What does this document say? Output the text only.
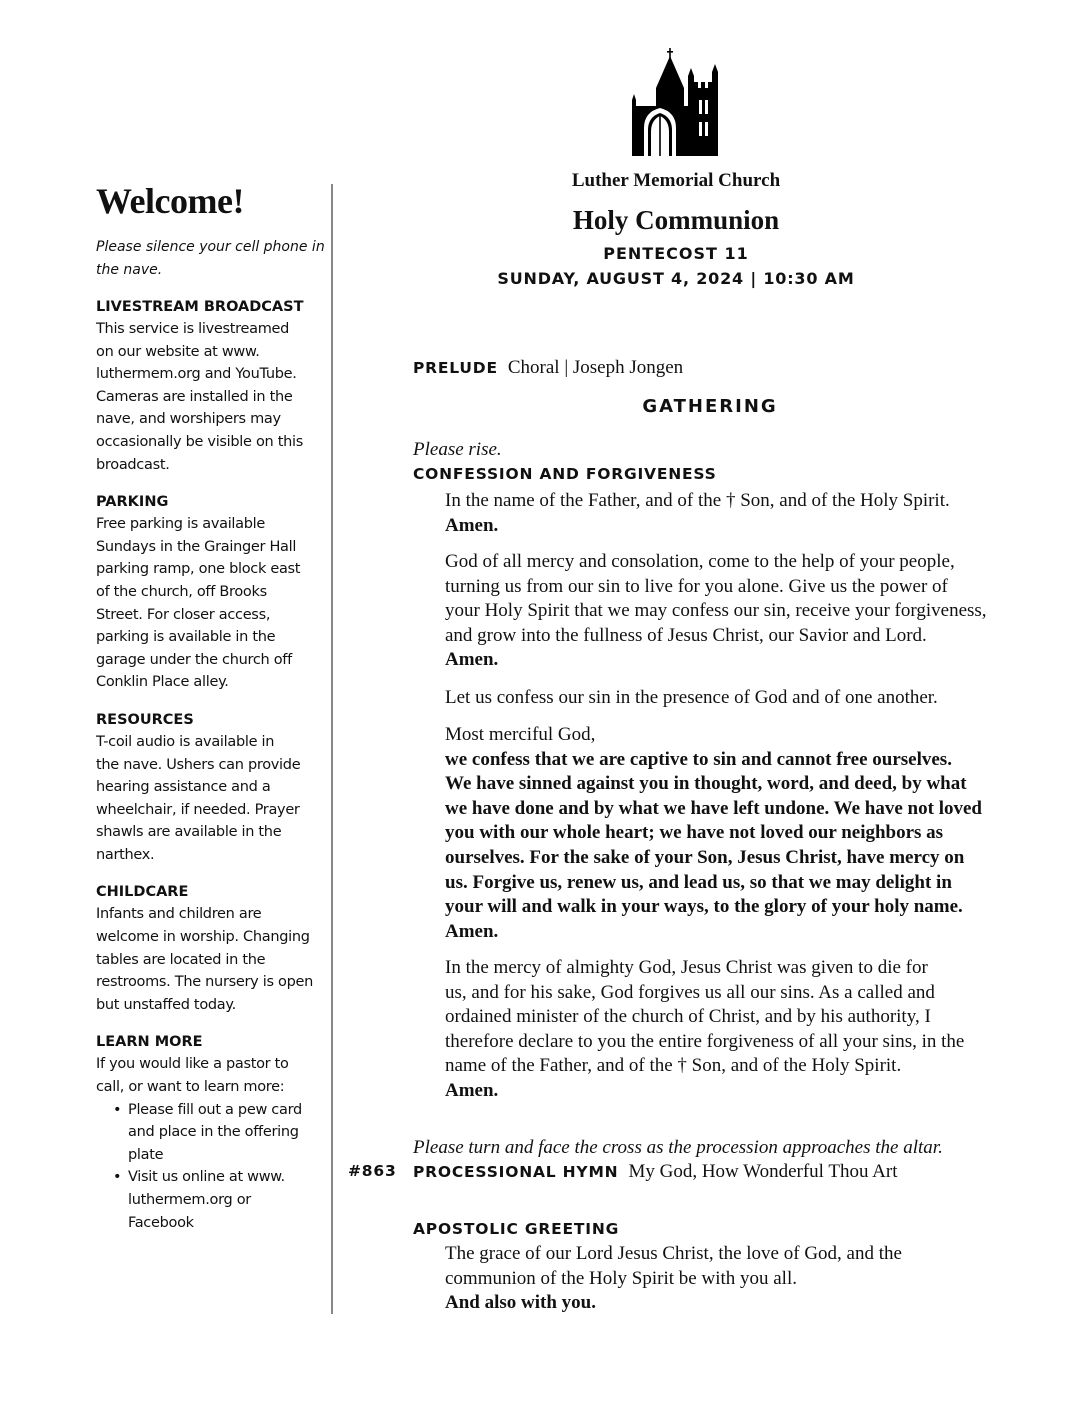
Welcome!

Please silence your cell phone in
the nave.

LIVESTREAM BROADCAST

This service is livestreamed
on our website at www.
luthermem.org and YouTube.
Cameras are installed in the
nave, and worshipers may
occasionally be visible on this
broadcast.

PARKING

Free parking is available
Sundays in the Grainger Hall
parking ramp, one block east
of the church, off Brooks
Street. For closer access,
parking is available in the
garage under the church off
Conklin Place alley.

RESOURCES

T-coil audio is available in
the nave. Ushers can provide
hearing assistance and a
wheelchair, if needed. Prayer
shawls are available in the
narthex.

CHILDCARE

Infants and children are
welcome in worship. Changing
tables are located in the
restrooms. The nursery is open
but unstaffed today.

LEARN MORE

If you would like a pastor to
call, or want to learn more:

• Please fill out a pew card
and place in the offering
plate
• Visit us online at www.
luthermem.org or
Facebook
Luther Memorial Church
Holy Communion
PENTECOST 11
SUNDAY, AUGUST 4, 2024 | 10:30 AM
PRELUDE Choral | Joseph Jongen
GATHERING
Please rise.
CONFESSION AND FORGIVENESS
In the name of the Father, and of the † Son, and of the Holy Spirit.
Amen.
God of all mercy and consolation, come to the help of your people,
turning us from our sin to live for you alone. Give us the power of
your Holy Spirit that we may confess our sin, receive your forgiveness,
and grow into the fullness of Jesus Christ, our Savior and Lord.
Amen.
Let us confess our sin in the presence of God and of one another.
Most merciful God,
we confess that we are captive to sin and cannot free ourselves.
We have sinned against you in thought, word, and deed, by what
we have done and by what we have left undone. We have not loved
you with our whole heart; we have not loved our neighbors as
ourselves. For the sake of your Son, Jesus Christ, have mercy on
us. Forgive us, renew us, and lead us, so that we may delight in
your will and walk in your ways, to the glory of your holy name.
Amen.
In the mercy of almighty God, Jesus Christ was given to die for
us, and for his sake, God forgives us all our sins. As a called and
ordained minister of the church of Christ, and by his authority, I
therefore declare to you the entire forgiveness of all your sins, in the
name of the Father, and of the † Son, and of the Holy Spirit.
Amen.
Please turn and face the cross as the procession approaches the altar.
#863 PROCESSIONAL HYMN My God, How Wonderful Thou Art
APOSTOLIC GREETING
The grace of our Lord Jesus Christ, the love of God, and the
communion of the Holy Spirit be with you all.
And also with you.
